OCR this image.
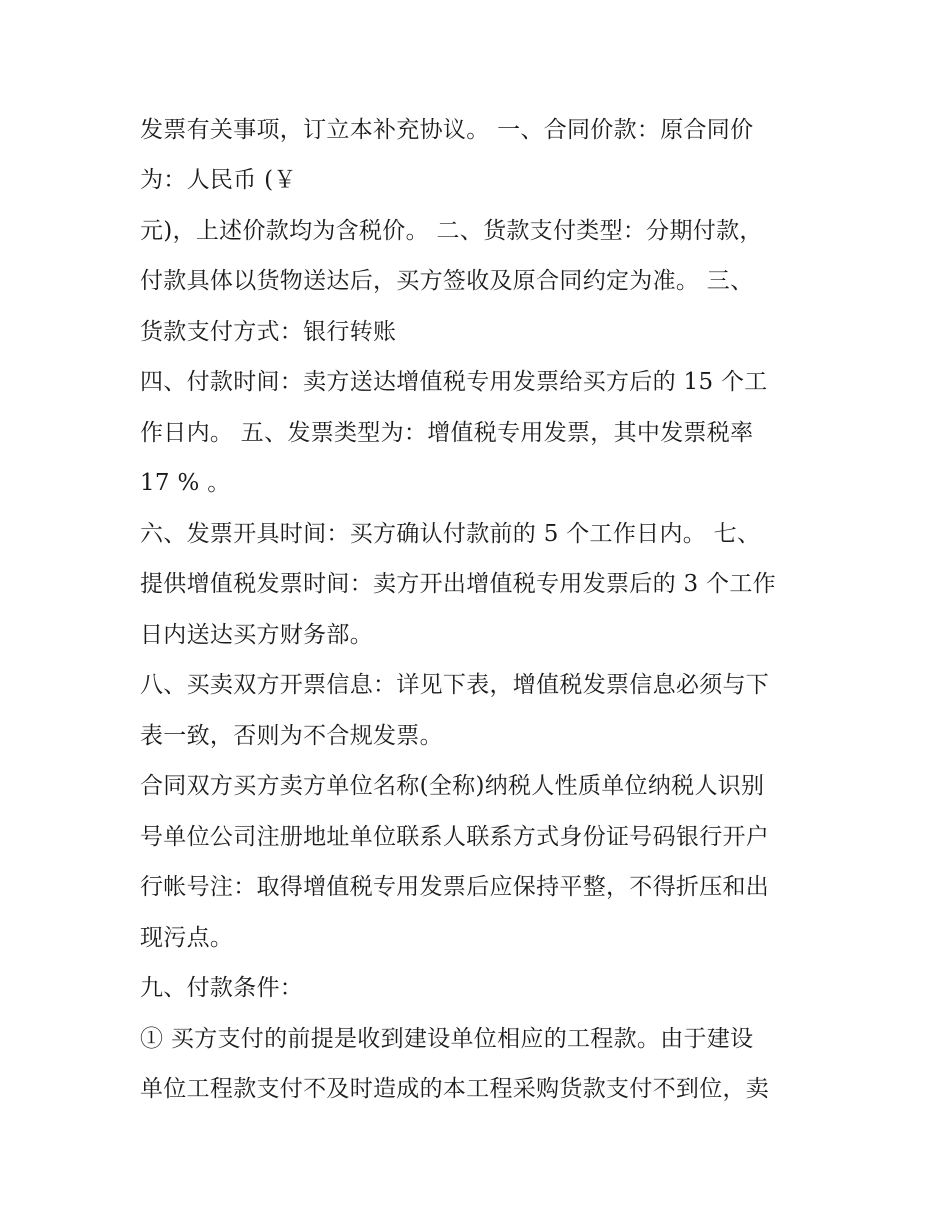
发票有关事项，订立本补充协议。 一、合同价款：原合同价
为：人民币 (￥
元)，上述价款均为含税价。 二、货款支付类型：分期付款，
付款具体以货物送达后，买方签收及原合同约定为准。 三、
货款支付方式：银行转账
四、付款时间：卖方送达增值税专用发票给买方后的 15 个工
作日内。 五、发票类型为：增值税专用发票，其中发票税率
17 % 。
六、发票开具时间：买方确认付款前的 5 个工作日内。 七、
提供增值税发票时间：卖方开出增值税专用发票后的 3 个工作
日内送达买方财务部。
八、买卖双方开票信息：详见下表，增值税发票信息必须与下
表一致，否则为不合规发票。
合同双方买方卖方单位名称(全称)纳税人性质单位纳税人识别
号单位公司注册地址单位联系人联系方式身份证号码银行开户
行帐号注：取得增值税专用发票后应保持平整，不得折压和出
现污点。
九、付款条件：
① 买方支付的前提是收到建设单位相应的工程款。由于建设
单位工程款支付不及时造成的本工程采购货款支付不到位，卖
